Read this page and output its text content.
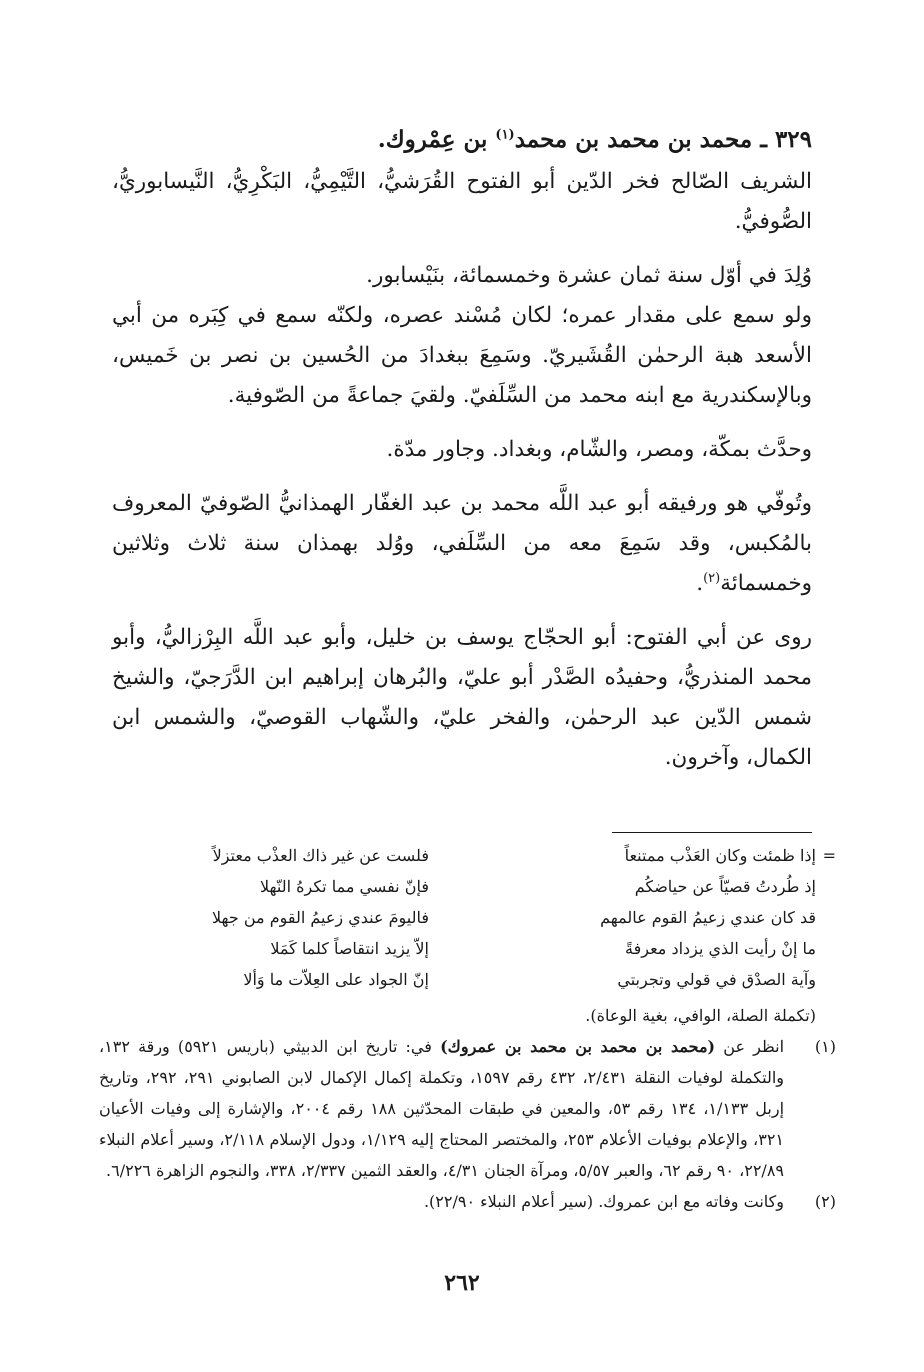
٣٢٩ ـ محمد بن محمد بن محمد$^{(١)}$ بن عِمْروك.

الشريف الصّالح فخر الدّين أبو الفتوح القُرَشيُّ، التَّيْمِيُّ، البَكْرِيُّ، النَّيسابوريُّ، الصُّوفيُّ.

وُلِدَ في أوّل سنة ثمان عشرة وخمسمائة، بنَيْسابور.

ولو سمع على مقدار عمره؛ لكان مُسْند عصره، ولكنّه سمع في كِبَره من أبي الأسعد هبة الرحمٰن القُشَيريّ. وسَمِعَ ببغدادَ من الحُسين بن نصر بن خَميس، وبالإسكندرية مع ابنه محمد من السِّلَفيّ. ولقيَ جماعةً من الصّوفية.

وحدَّث بمكّة، ومصر، والشّام، وبغداد. وجاور مدّة.

وتُوفّي هو ورفيقه أبو عبد اللَّه محمد بن عبد الغفّار الهمذانيُّ الصّوفيّ المعروف بالمُكبس، وقد سَمِعَ معه من السِّلَفي، ووُلد بهمذان سنة ثلاث وثلاثين وخمسمائة$^{(٢)}$.

روى عن أبي الفتوح: أبو الحجّاج يوسف بن خليل، وأبو عبد اللَّه البِرْزاليُّ، وأبو محمد المنذريُّ، وحفيدُه الصَّدْر أبو عليّ، والبُرهان إبراهيم ابن الدَّرَجيّ، والشيخ شمس الدّين عبد الرحمٰن، والفخر عليّ، والشّهاب القوصيّ، والشمس ابن الكمال، وآخرون.

=
إذا ظمئت وكان العَذْب ممتنعاً
إذ طُردتُ قصيّاً عن حياضكُم
قد كان عندي زعيمُ القوم عالمهم
ما إنْ رأيت الذي يزداد معرفةً
وآية الصدْق في قولي وتجربتي
فلست عن غير ذاك العذْب معتزلاً
فإنّ نفسي مما تكرهُ النّهلا
فاليومَ عندي زعيمُ القوم من جهلا
إلاّ يزيد انتقاصاً كلما كَمَلا
إنّ الجواد على العِلاّت ما وَألا

(تكملة الصلة، الوافي، بغية الوعاة).

(١)
انظر عن (محمد بن محمد بن محمد بن عمروك) في: تاريخ ابن الدبيثي (باريس ٥٩٢١) ورقة ١٣٢، والتكملة لوفيات النقلة ٢/٤٣١، ٤٣٢ رقم ١٥٩٧، وتكملة إكمال الإكمال لابن الصابوني ٢٩١، ٢٩٢، وتاريخ إربل ١/١٣٣، ١٣٤ رقم ٥٣، والمعين في طبقات المحدّثين ١٨٨ رقم ٢٠٠٤، والإشارة إلى وفيات الأعيان ٣٢١، والإعلام بوفيات الأعلام ٢٥٣، والمختصر المحتاج إليه ١/١٢٩، ودول الإسلام ٢/١١٨، وسير أعلام النبلاء ٢٢/٨٩، ٩٠ رقم ٦٢، والعبر ٥/٥٧، ومرآة الجنان ٤/٣١، والعقد الثمين ٢/٣٣٧، ٣٣٨، والنجوم الزاهرة ٦/٢٢٦.

(٢)
وكانت وفاته مع ابن عمروك. (سير أعلام النبلاء ٢٢/٩٠).

٢٦٢
